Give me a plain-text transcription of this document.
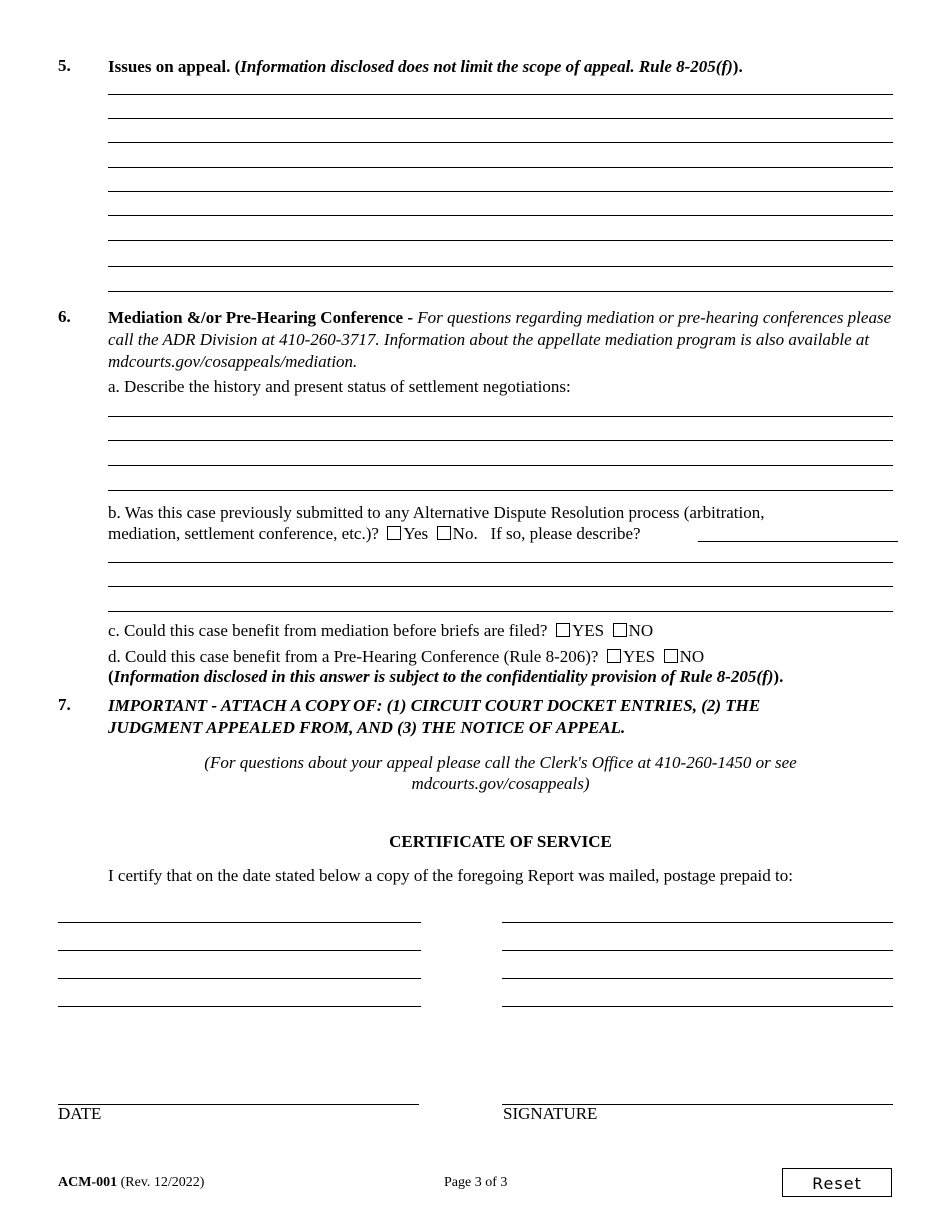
5. Issues on appeal. (Information disclosed does not limit the scope of appeal. Rule 8-205(f)).
6. Mediation &/or Pre-Hearing Conference - For questions regarding mediation or pre-hearing conferences please call the ADR Division at 410-260-3717. Information about the appellate mediation program is also available at mdcourts.gov/cosappeals/mediation.
a. Describe the history and present status of settlement negotiations:
b. Was this case previously submitted to any Alternative Dispute Resolution process (arbitration,
mediation, settlement conference, etc.)? Yes No. If so, please describe?
c. Could this case benefit from mediation before briefs are filed? YES NO
d. Could this case benefit from a Pre-Hearing Conference (Rule 8-206)? YES NO
(Information disclosed in this answer is subject to the confidentiality provision of Rule 8-205(f)).
7. IMPORTANT - ATTACH A COPY OF: (1) CIRCUIT COURT DOCKET ENTRIES, (2) THE
JUDGMENT APPEALED FROM, AND (3) THE NOTICE OF APPEAL.
(For questions about your appeal please call the Clerk's Office at 410-260-1450 or see
mdcourts.gov/cosappeals)
CERTIFICATE OF SERVICE
I certify that on the date stated below a copy of the foregoing Report was mailed, postage prepaid to:
DATE	SIGNATURE
ACM-001 (Rev. 12/2022)	Page 3 of 3	Reset
